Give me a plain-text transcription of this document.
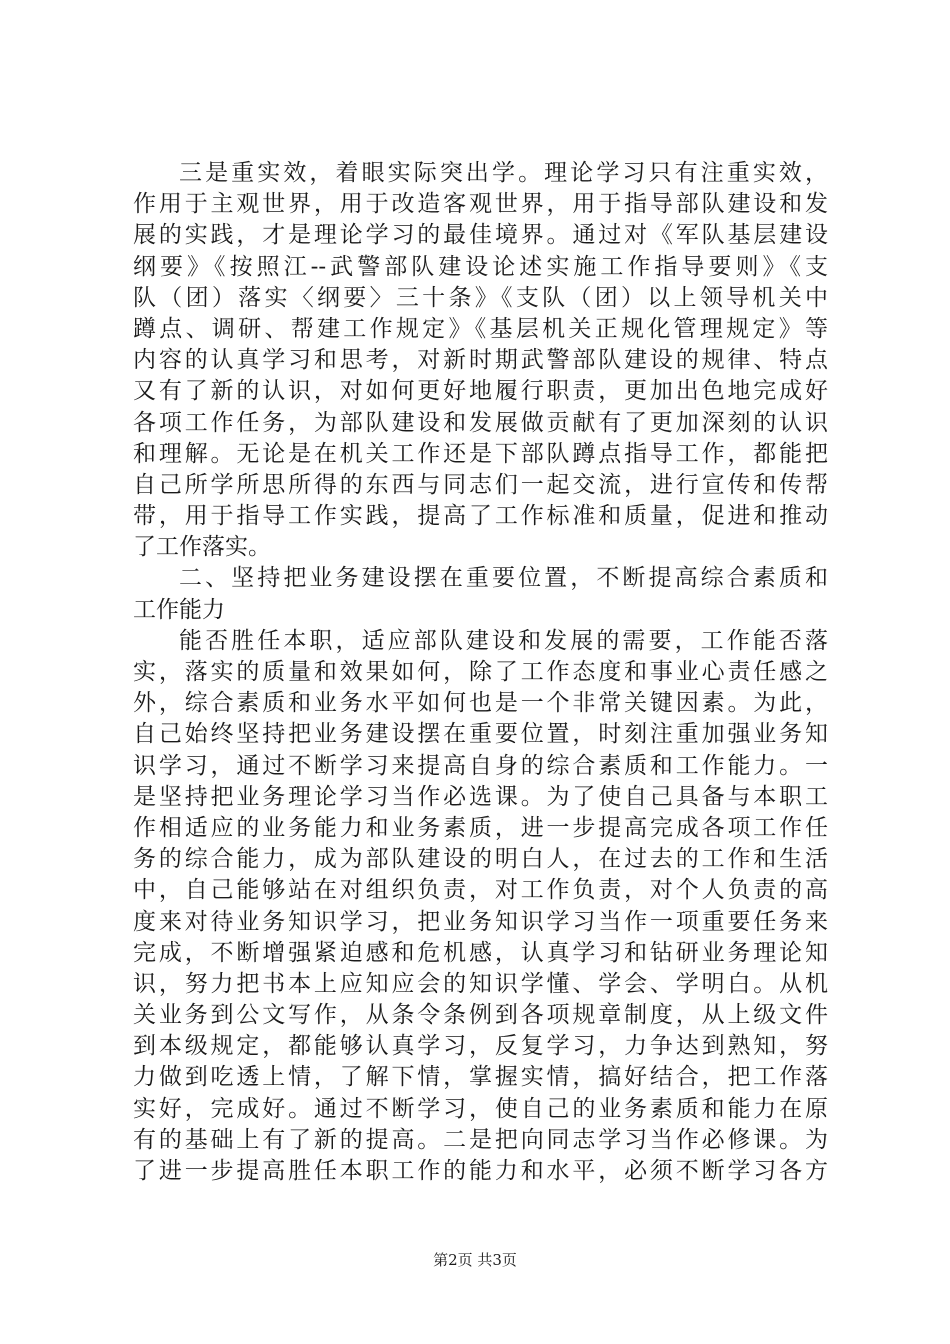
三是重实效，着眼实际突出学。理论学习只有注重实效，
作用于主观世界，用于改造客观世界，用于指导部队建设和发
展的实践，才是理论学习的最佳境界。通过对《军队基层建设
纲要》《按照江--武警部队建设论述实施工作指导要则》《支
队（团）落实〈纲要〉三十条》《支队（团）以上领导机关中
蹲点、调研、帮建工作规定》《基层机关正规化管理规定》等
内容的认真学习和思考，对新时期武警部队建设的规律、特点
又有了新的认识，对如何更好地履行职责，更加出色地完成好
各项工作任务，为部队建设和发展做贡献有了更加深刻的认识
和理解。无论是在机关工作还是下部队蹲点指导工作，都能把
自己所学所思所得的东西与同志们一起交流，进行宣传和传帮
带，用于指导工作实践，提高了工作标准和质量，促进和推动
了工作落实。
二、坚持把业务建设摆在重要位置，不断提高综合素质和
工作能力
能否胜任本职，适应部队建设和发展的需要，工作能否落
实，落实的质量和效果如何，除了工作态度和事业心责任感之
外，综合素质和业务水平如何也是一个非常关键因素。为此，
自己始终坚持把业务建设摆在重要位置，时刻注重加强业务知
识学习，通过不断学习来提高自身的综合素质和工作能力。一
是坚持把业务理论学习当作必选课。为了使自己具备与本职工
作相适应的业务能力和业务素质，进一步提高完成各项工作任
务的综合能力，成为部队建设的明白人，在过去的工作和生活
中，自己能够站在对组织负责，对工作负责，对个人负责的高
度来对待业务知识学习，把业务知识学习当作一项重要任务来
完成，不断增强紧迫感和危机感，认真学习和钻研业务理论知
识，努力把书本上应知应会的知识学懂、学会、学明白。从机
关业务到公文写作，从条令条例到各项规章制度，从上级文件
到本级规定，都能够认真学习，反复学习，力争达到熟知，努
力做到吃透上情，了解下情，掌握实情，搞好结合，把工作落
实好，完成好。通过不断学习，使自己的业务素质和能力在原
有的基础上有了新的提高。二是把向同志学习当作必修课。为
了进一步提高胜任本职工作的能力和水平，必须不断学习各方
第2页 共3页
